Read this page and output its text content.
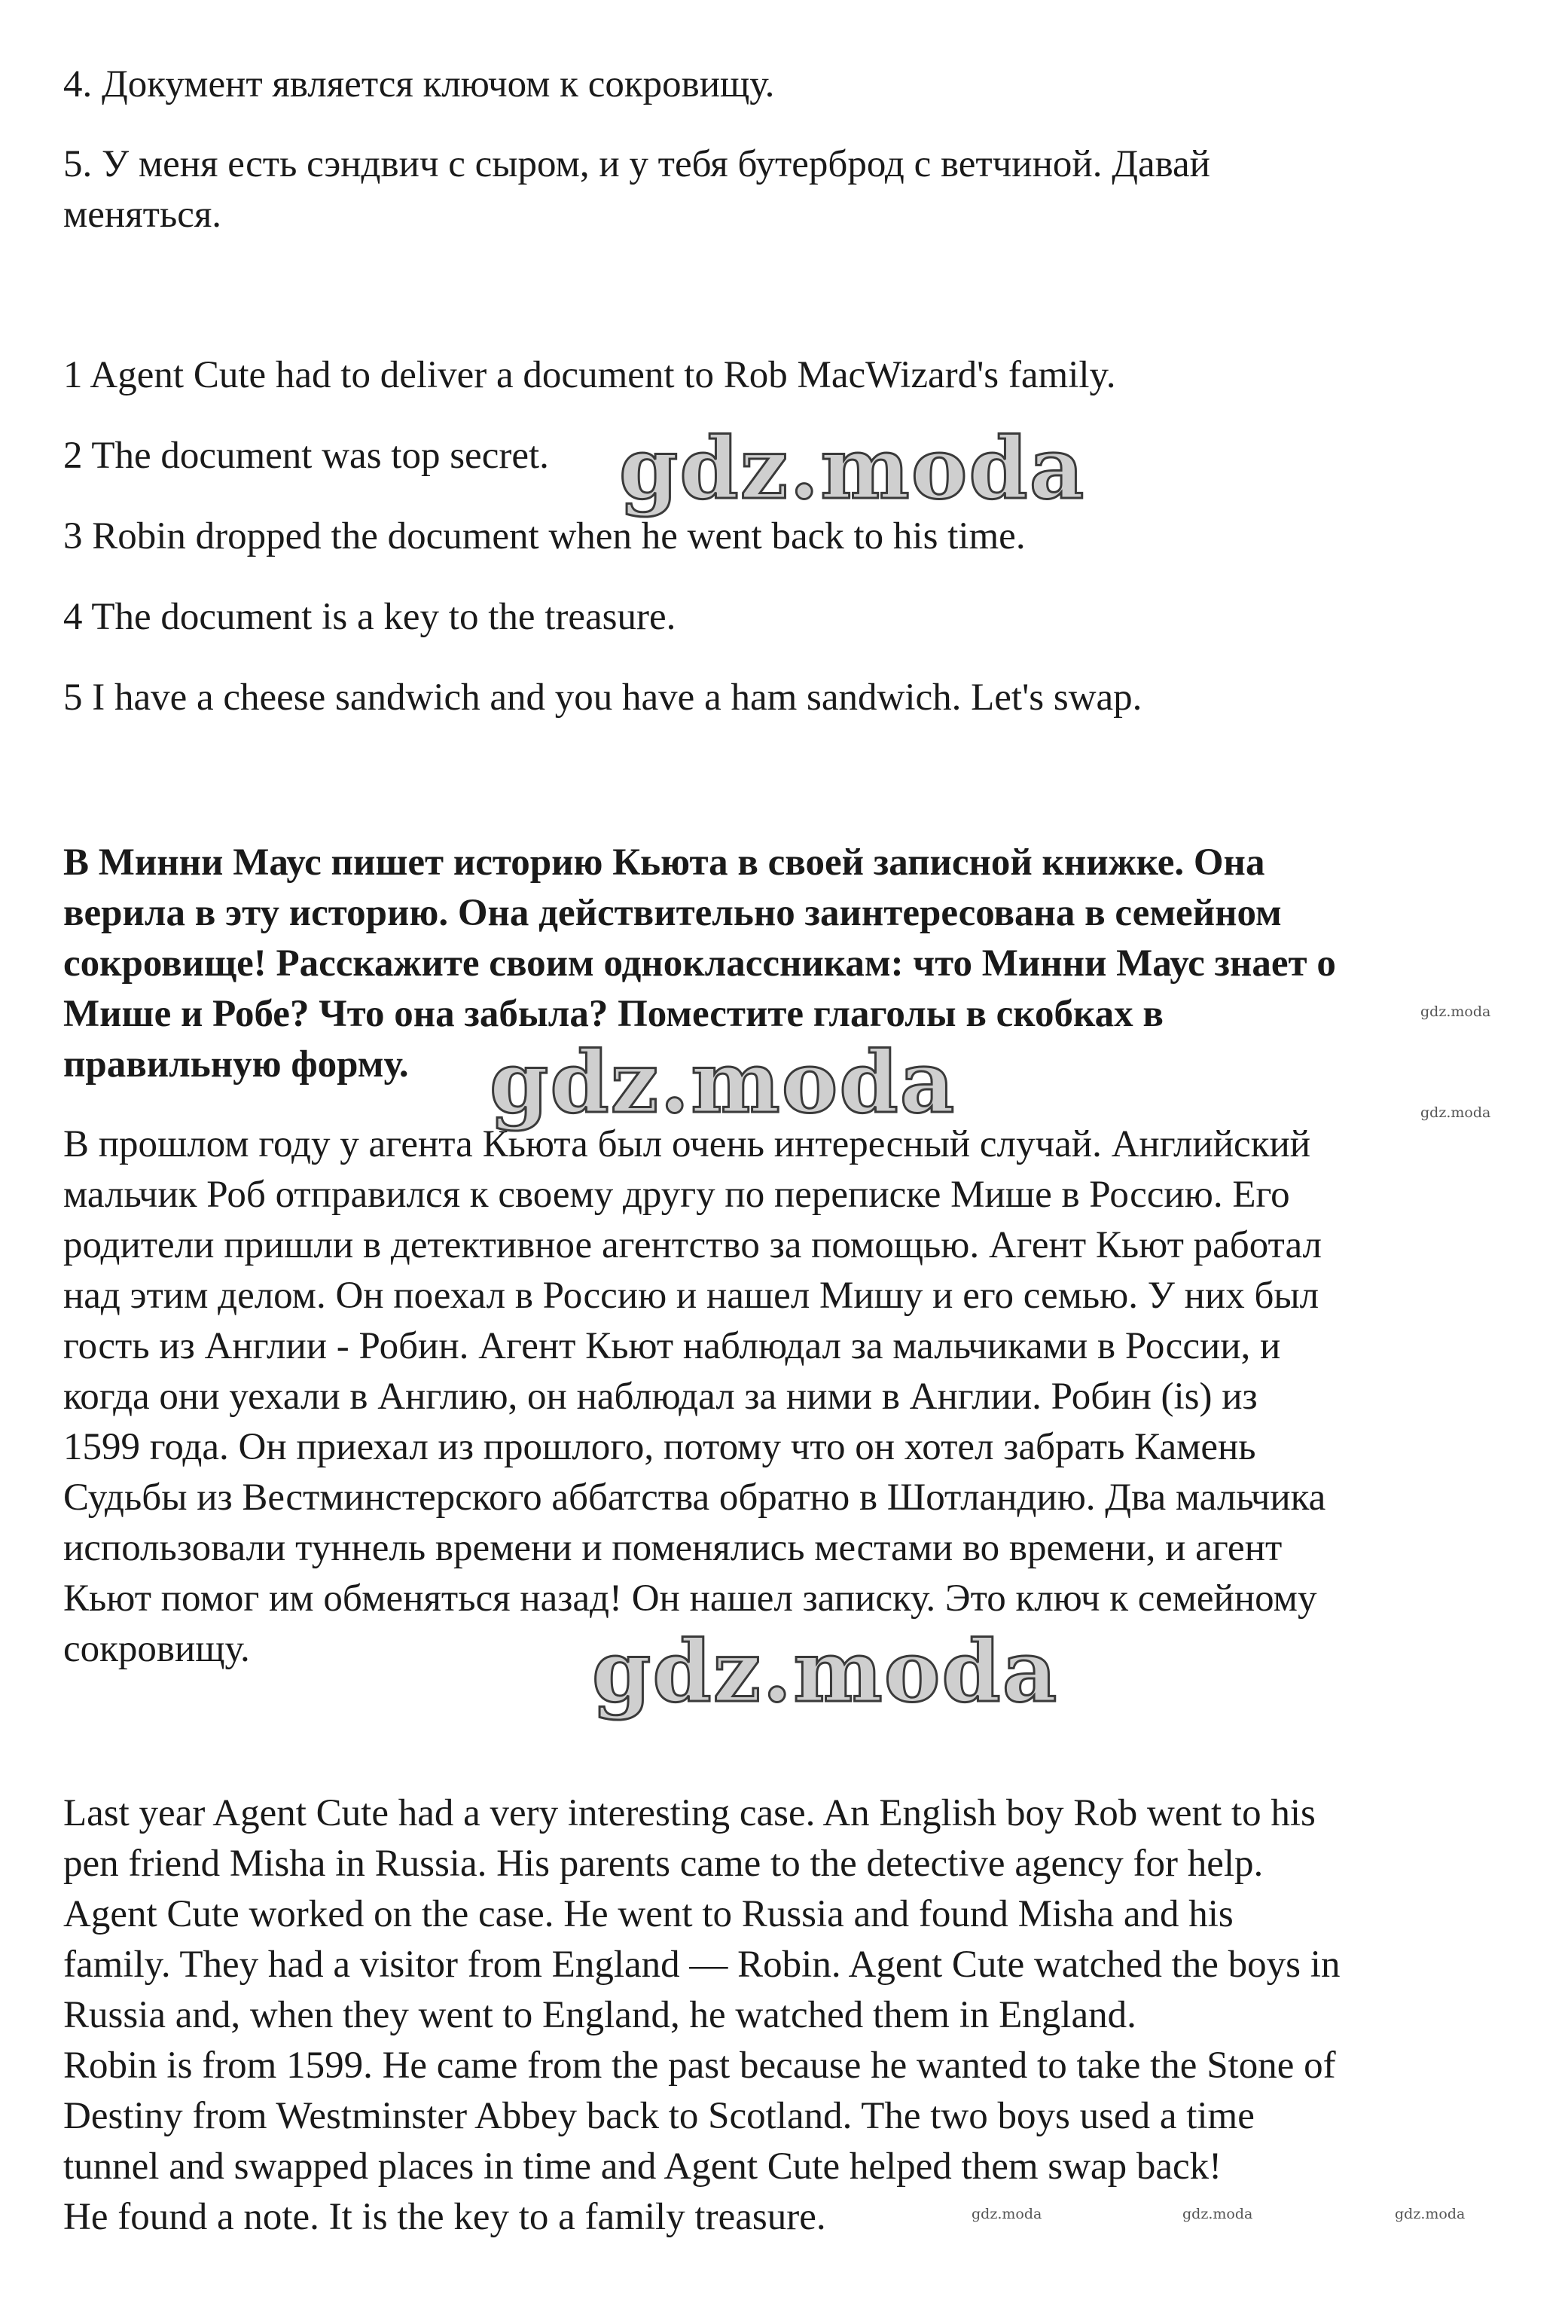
4. Документ является ключом к сокровищу.

5. У меня есть сэндвич с сыром, и у тебя бутерброд с ветчиной. Давай

меняться.

1 Agent Cute had to deliver a document to Rob MacWizard's family.

2 The document was top secret.

3 Robin dropped the document when he went back to his time.

4 The document is a key to the treasure.

5 I have a cheese sandwich and you have a ham sandwich. Let's swap.

В Минни Маус пишет историю Кьюта в своей записной книжке. Она

верила в эту историю. Она действительно заинтересована в семейном

сокровище! Расскажите своим одноклассникам: что Минни Маус знает о

Мише и Робе? Что она забыла? Поместите глаголы в скобках в

правильную форму.

В прошлом году у агента Кьюта был очень интересный случай. Английский

мальчик Роб отправился к своему другу по переписке Мише в Россию. Его

родители пришли в детективное агентство за помощью. Агент Кьют работал

над этим делом. Он поехал в Россию и нашел Мишу и его семью. У них был

гость из Англии - Робин. Агент Кьют наблюдал за мальчиками в России, и

когда они уехали в Англию, он наблюдал за ними в Англии. Робин (is) из

1599 года. Он приехал из прошлого, потому что он хотел забрать Камень

Судьбы из Вестминстерского аббатства обратно в Шотландию. Два мальчика

использовали туннель времени и поменялись местами во времени, и агент

Кьют помог им обменяться назад! Он нашел записку. Это ключ к семейному

сокровищу.

Last year Agent Cute had a very interesting case. An English boy Rob went to his

pen friend Misha in Russia. His parents came to the detective agency for help.

Agent Cute worked on the case. He went to Russia and found Misha and his

family. They had a visitor from England — Robin. Agent Cute watched the boys in

Russia and, when they went to England, he watched them in England.

Robin is from 1599. He came from the past because he wanted to take the Stone of

Destiny from Westminster Abbey back to Scotland. The two boys used a time

tunnel and swapped places in time and Agent Cute helped them swap back!

He found a note. It is the key to a family treasure.

gdz.moda
gdz.moda
gdz.moda
gdz.moda
gdz.moda
gdz.moda	gdz.moda	gdz.moda
